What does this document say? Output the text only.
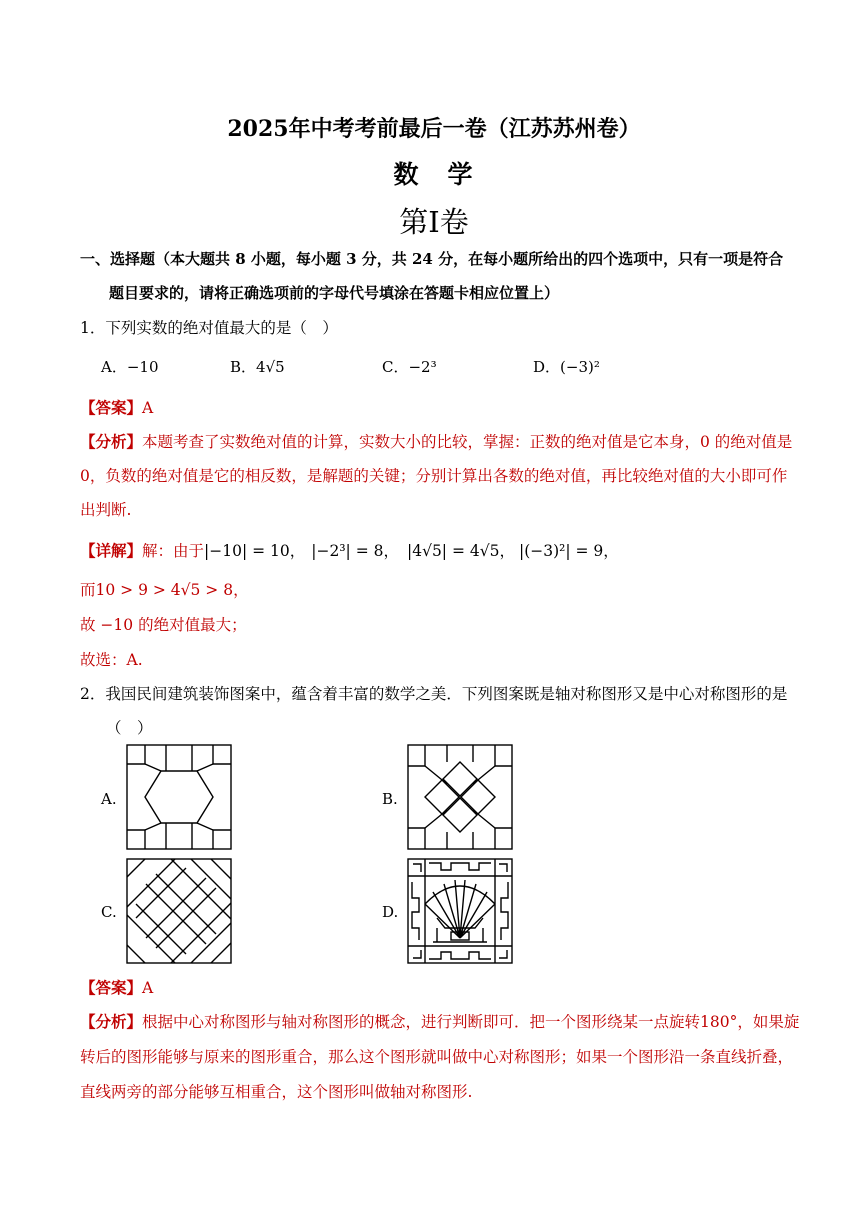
2025年中考考前最后一卷（江苏苏州卷）
数　学
第I卷
一、选择题（本大题共 8 小题，每小题 3 分，共 24 分，在每小题所给出的四个选项中，只有一项是符合
题目要求的，请将正确选项前的字母代号填涂在答题卡相应位置上）
1．下列实数的绝对值最大的是（　）
A．−10	B．4√5	C．−2³	D．(−3)²
【答案】A
【分析】本题考查了实数绝对值的计算，实数大小的比较，掌握：正数的绝对值是它本身，0 的绝对值是
0，负数的绝对值是它的相反数，是解题的关键；分别计算出各数的绝对值，再比较绝对值的大小即可作
出判断.
【详解】解：由于|−10| = 10， |−2³| = 8， |4√5| = 4√5， |(−3)²| = 9，
而10 > 9 > 4√5 > 8，
故 −10 的绝对值最大；
故选：A.
2．我国民间建筑装饰图案中，蕴含着丰富的数学之美．下列图案既是轴对称图形又是中心对称图形的是
（　）
A.	B.
C.	D.
【答案】A
【分析】根据中心对称图形与轴对称图形的概念，进行判断即可．把一个图形绕某一点旋转180°，如果旋
转后的图形能够与原来的图形重合，那么这个图形就叫做中心对称图形；如果一个图形沿一条直线折叠，
直线两旁的部分能够互相重合，这个图形叫做轴对称图形.
